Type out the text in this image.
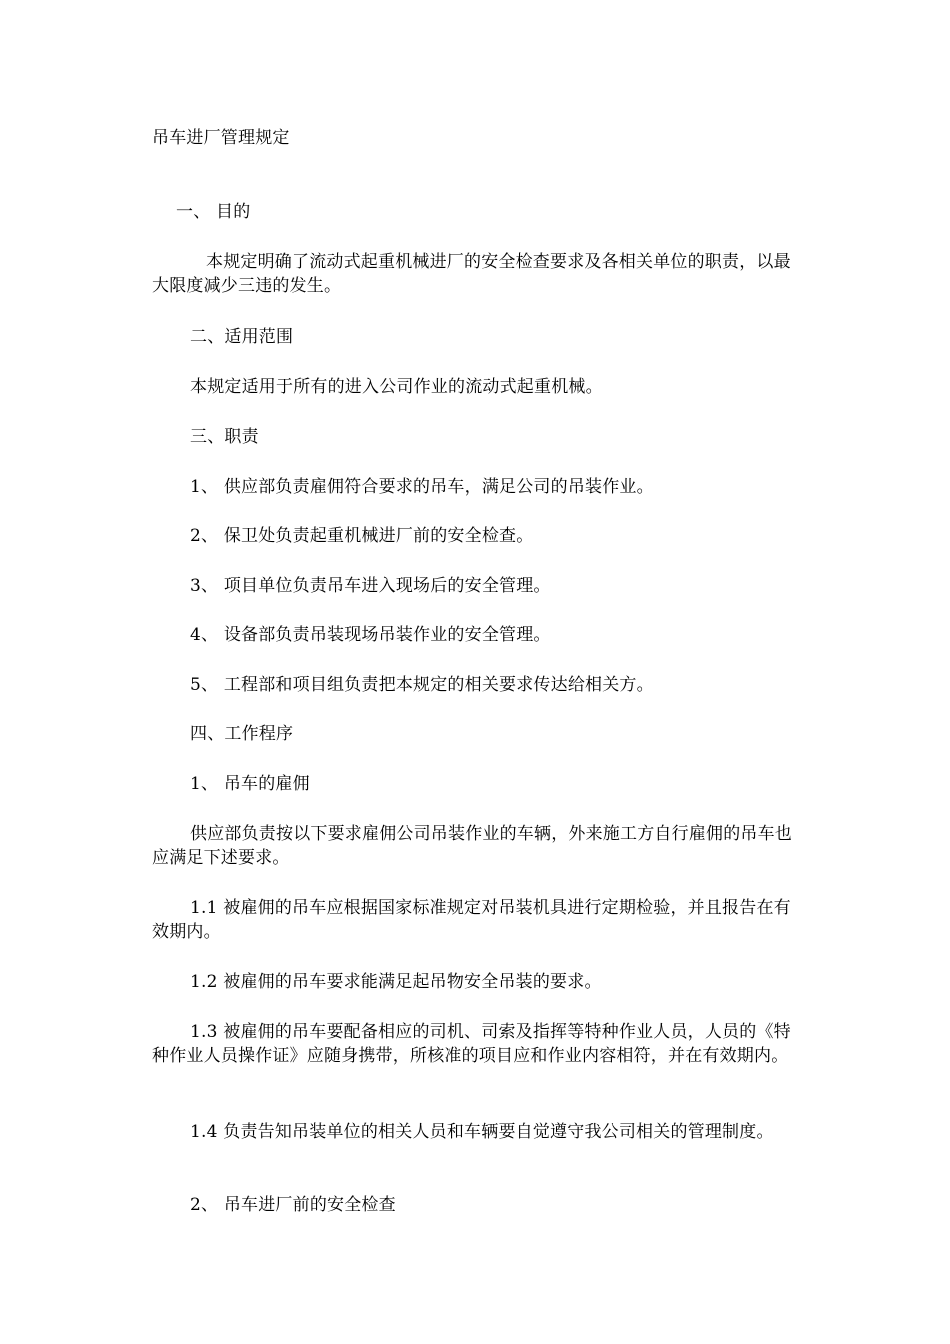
吊车进厂管理规定
一、 目的
本规定明确了流动式起重机械进厂的安全检查要求及各相关单位的职责，以最大限度减少三违的发生。
二、适用范围
本规定适用于所有的进入公司作业的流动式起重机械。
三、职责
1、 供应部负责雇佣符合要求的吊车，满足公司的吊装作业。
2、 保卫处负责起重机械进厂前的安全检查。
3、 项目单位负责吊车进入现场后的安全管理。
4、 设备部负责吊装现场吊装作业的安全管理。
5、 工程部和项目组负责把本规定的相关要求传达给相关方。
四、工作程序
1、 吊车的雇佣
供应部负责按以下要求雇佣公司吊装作业的车辆，外来施工方自行雇佣的吊车也应满足下述要求。
1.1 被雇佣的吊车应根据国家标准规定对吊装机具进行定期检验，并且报告在有效期内。
1.2 被雇佣的吊车要求能满足起吊物安全吊装的要求。
1.3 被雇佣的吊车要配备相应的司机、司索及指挥等特种作业人员，人员的《特种作业人员操作证》应随身携带，所核准的项目应和作业内容相符，并在有效期内。
1.4 负责告知吊装单位的相关人员和车辆要自觉遵守我公司相关的管理制度。
2、 吊车进厂前的安全检查
